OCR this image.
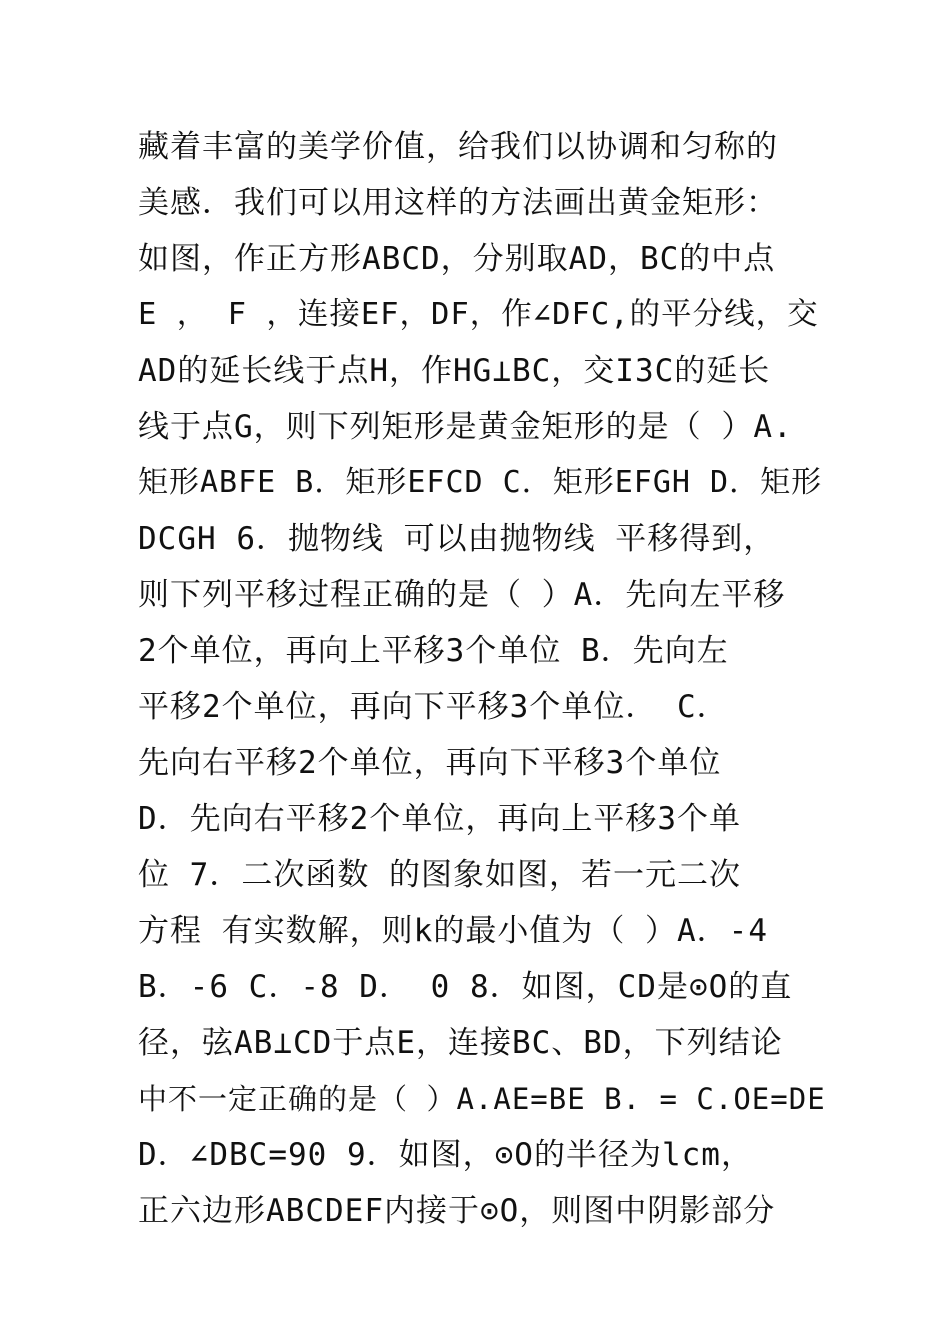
藏着丰富的美学价值，给我们以协调和匀称的
美感．我们可以用这样的方法画出黄金矩形：
如图，作正方形ABCD，分别取AD，BC的中点
E ， F ，连接EF，DF，作∠DFC,的平分线，交
AD的延长线于点H，作HG⊥BC，交I3C的延长
线于点G，则下列矩形是黄金矩形的是（ ）A.
矩形ABFE B．矩形EFCD C．矩形EFGH D．矩形
DCGH 6．抛物线 可以由抛物线 平移得到，
则下列平移过程正确的是（ ）A．先向左平移
2个单位，再向上平移3个单位 B．先向左
平移2个单位，再向下平移3个单位． C．
先向右平移2个单位，再向下平移3个单位
D．先向右平移2个单位，再向上平移3个单
位 7．二次函数 的图象如图，若一元二次
方程 有实数解，则k的最小值为（ ）A．-4
B．-6 C．-8 D． 0 8．如图，CD是⊙O的直
径，弦AB⊥CD于点E，连接BC、BD，下列结论
中不一定正确的是（ ）A.AE=BE B. = C.OE=DE
D．∠DBC=90 9．如图，⊙O的半径为lcm，
正六边形ABCDEF内接于⊙O，则图中阴影部分
